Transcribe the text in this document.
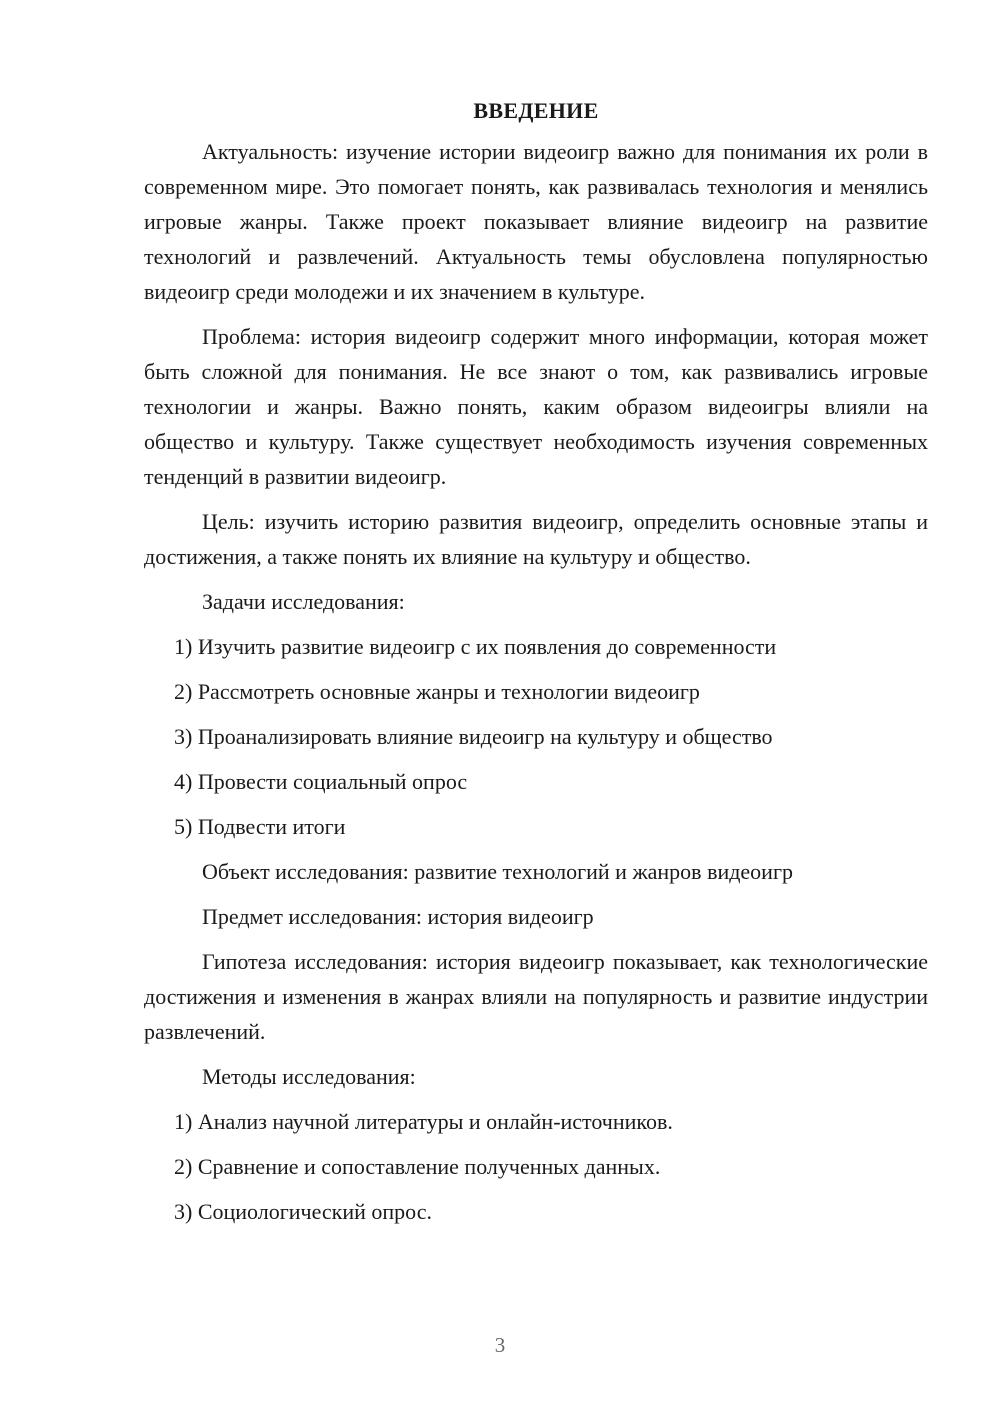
ВВЕДЕНИЕ

Актуальность: изучение истории видеоигр важно для понимания их роли в современном мире. Это помогает понять, как развивалась технология и менялись игровые жанры. Также проект показывает влияние видеоигр на развитие технологий и развлечений. Актуальность темы обусловлена популярностью видеоигр среди молодежи и их значением в культуре.

Проблема: история видеоигр содержит много информации, которая может быть сложной для понимания. Не все знают о том, как развивались игровые технологии и жанры. Важно понять, каким образом видеоигры влияли на общество и культуру. Также существует необходимость изучения современных тенденций в развитии видеоигр.

Цель: изучить историю развития видеоигр, определить основные этапы и достижения, а также понять их влияние на культуру и общество.

Задачи исследования:

1) Изучить развитие видеоигр с их появления до современности

2) Рассмотреть основные жанры и технологии видеоигр

3) Проанализировать влияние видеоигр на культуру и общество

4) Провести социальный опрос

5) Подвести итоги

Объект исследования: развитие технологий и жанров видеоигр

Предмет исследования: история видеоигр

Гипотеза исследования: история видеоигр показывает, как технологические достижения и изменения в жанрах влияли на популярность и развитие индустрии развлечений.

Методы исследования:

1) Анализ научной литературы и онлайн-источников.

2) Сравнение и сопоставление полученных данных.

3) Социологический опрос.

3
